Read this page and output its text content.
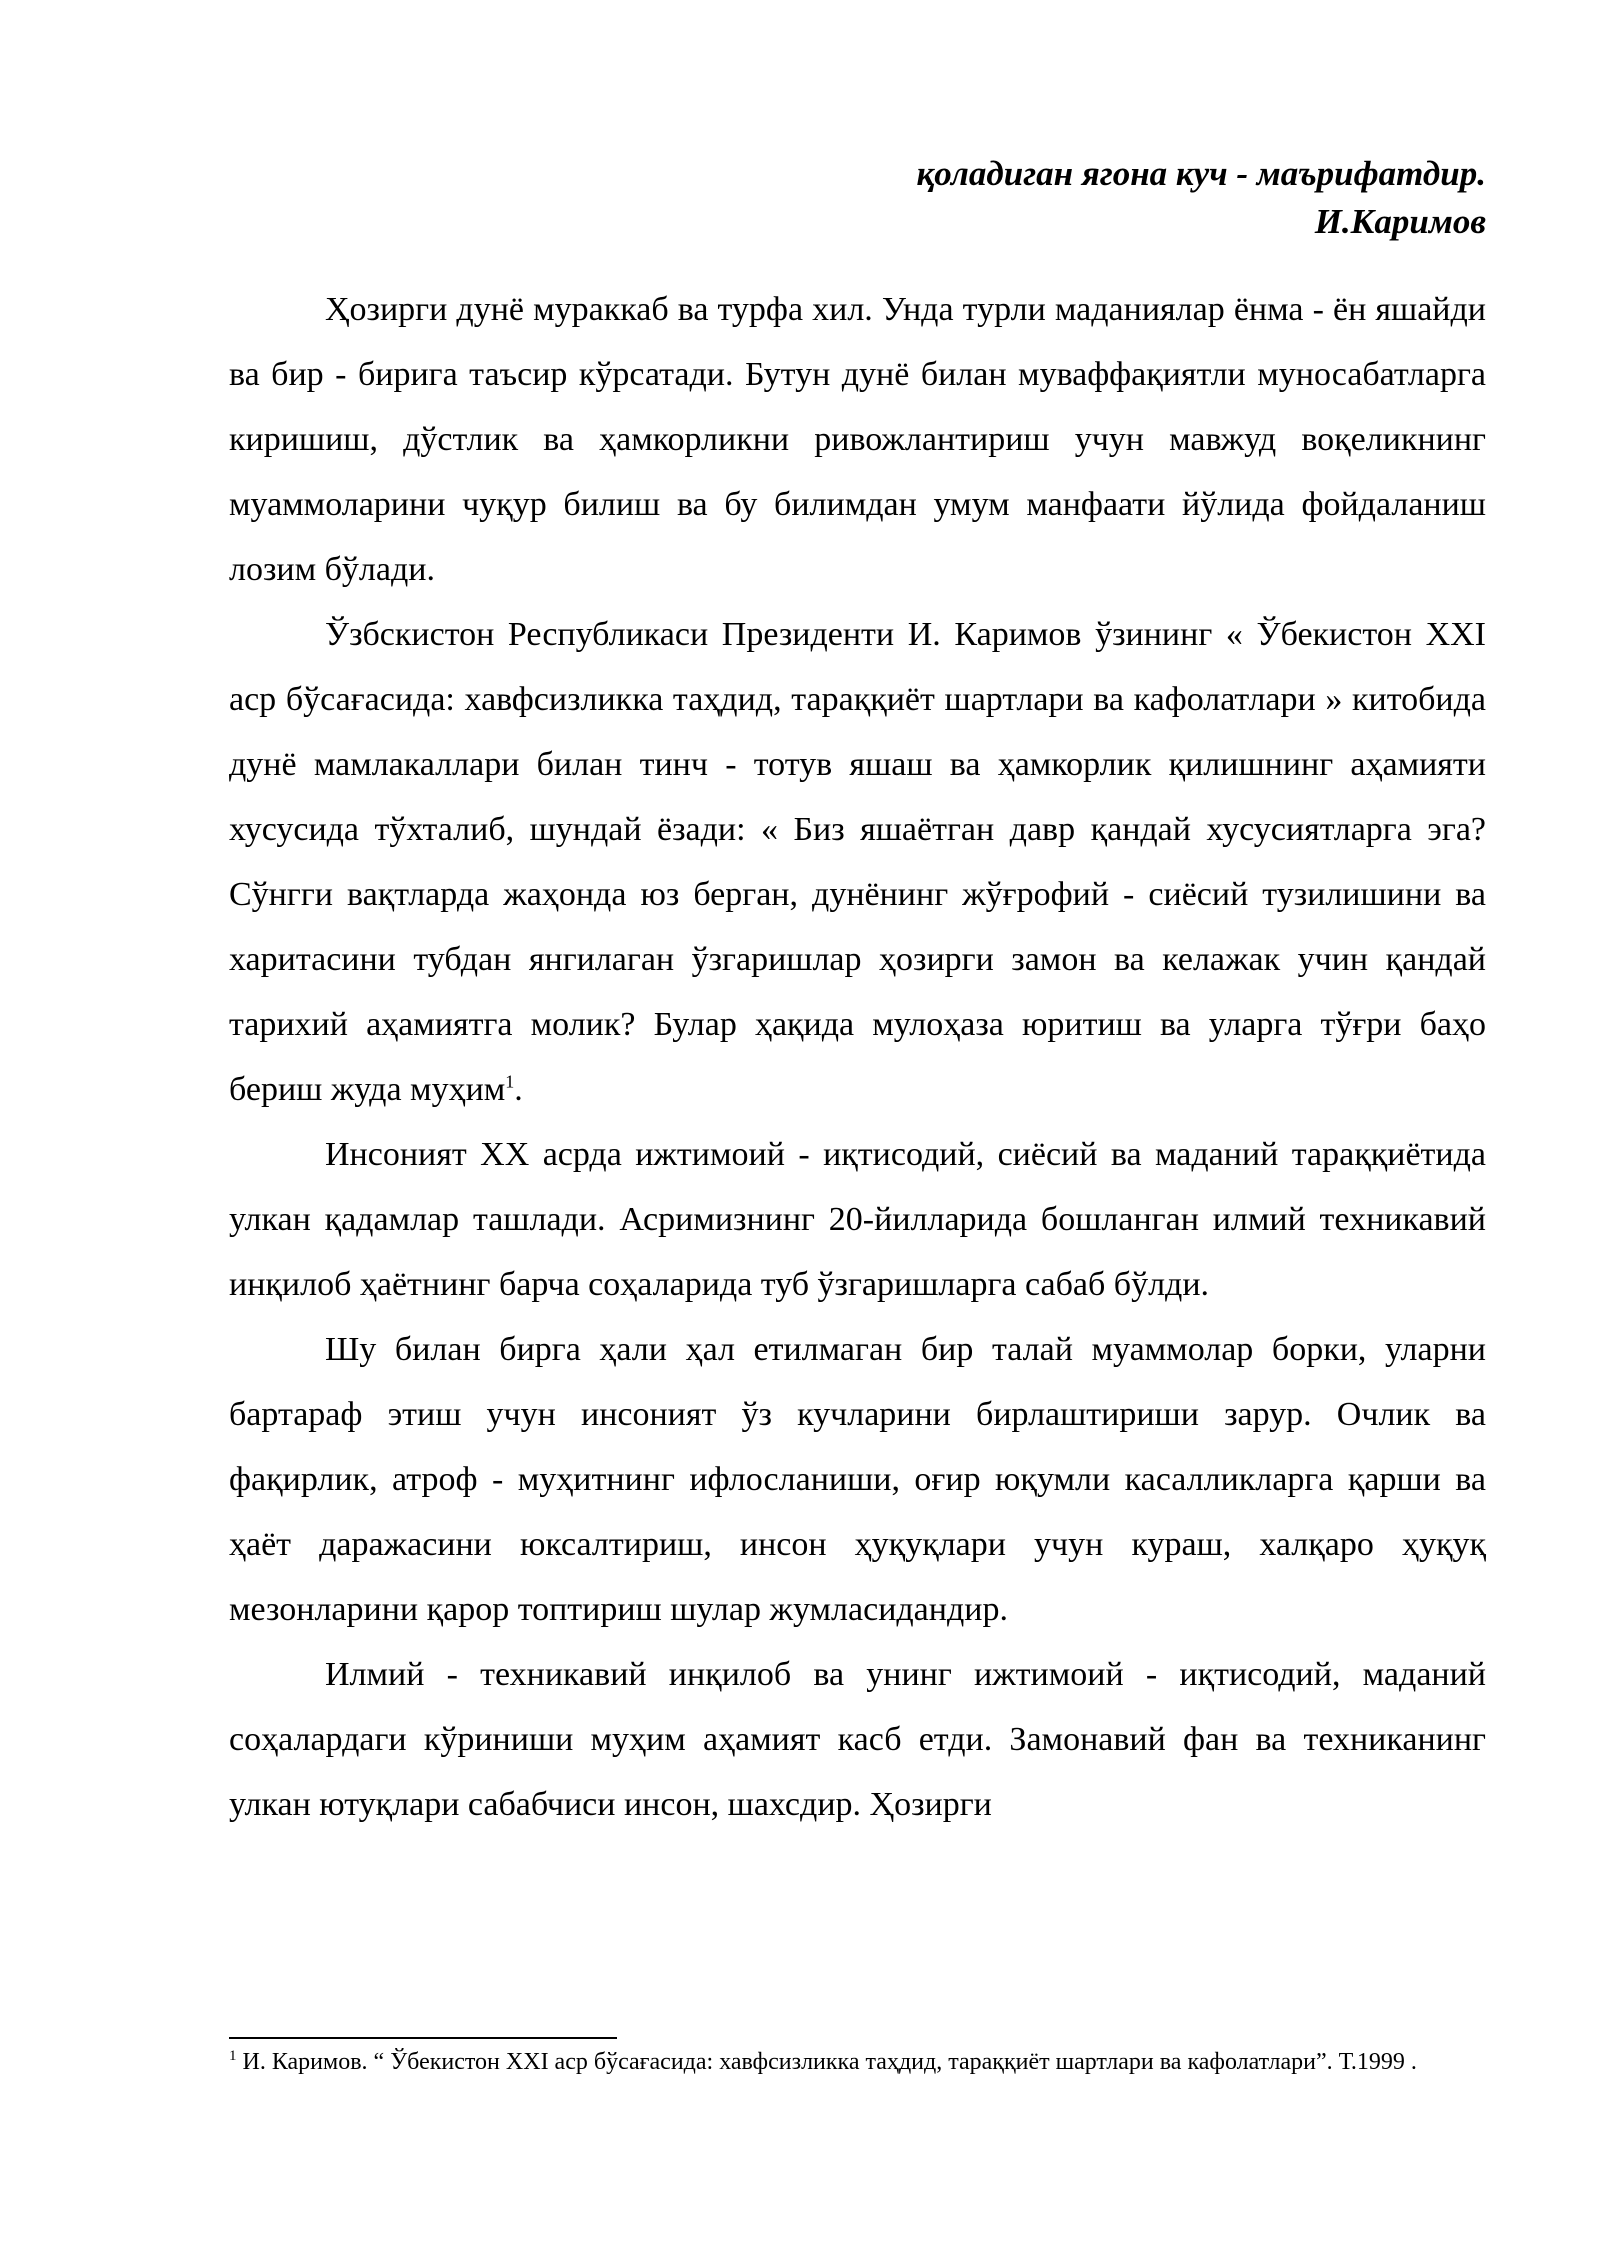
қоладиган ягона куч - маърифатдир.
И.Каримов

Ҳозирги дунё мураккаб ва турфа хил. Унда турли маданиялар ёнма - ён яшайди ва бир - бирига таъсир кўрсатади. Бутун дунё билан муваффақиятли муносабатларга киришиш, дўстлик ва ҳамкорликни ривожлантириш учун мавжуд воқеликнинг муаммоларини чуқур билиш ва бу билимдан умум манфаати йўлида фойдаланиш лозим бўлади.

Ўзбскистон Республикаси Президенти И. Каримов ўзининг « Ўбекистон XXI аср бўсағасида: хавфсизликка таҳдид, тараққиёт шартлари ва кафолатлари » китобида дунё мамлакаллари билан тинч - тотув яшаш ва ҳамкорлик қилишнинг аҳамияти хусусида тўхталиб, шундай ёзади: « Биз яшаётган давр қандай хусусиятларга эга? Сўнгги вақтларда жаҳонда юз берган, дунёнинг жўғрофий - сиёсий тузилишини ва харитасини тубдан янгилаган ўзгаришлар ҳозирги замон ва келажак учин қандай тарихий аҳамиятга молик? Булар ҳақида мулоҳаза юритиш ва уларга тўғри баҳо бериш жуда муҳим$^1$.

Инсоният XX асрда ижтимоий - иқтисодий, сиёсий ва маданий тараққиётида улкан қадамлар ташлади. Асримизнинг 20-йилларида бошланган илмий техникавий инқилоб ҳаётнинг барча соҳаларида туб ўзгаришларга сабаб бўлди.

Шу билан бирга ҳали ҳал етилмаган бир талай муаммолар борки, уларни бартараф этиш учун инсоният ўз кучларини бирлаштириши зарур. Очлик ва фақирлик, атроф - муҳитнинг ифлосланиши, оғир юқумли касалликларга қарши ва ҳаёт даражасини юксалтириш, инсон ҳуқуқлари учун кураш, халқаро ҳуқуқ мезонларини қарор топтириш шулар жумласидандир.

Илмий - техникавий инқилоб ва унинг ижтимоий - иқтисодий, маданий соҳалардаги кўриниши муҳим аҳамият касб етди. Замонавий фан ва техниканинг улкан ютуқлари сабабчиси инсон, шахсдир. Ҳозирги

$^1$ И. Каримов. “ Ўбекистон XXI аср бўсағасида: хавфсизликка таҳдид, тараққиёт шартлари ва кафолатлари”. Т.1999 .
